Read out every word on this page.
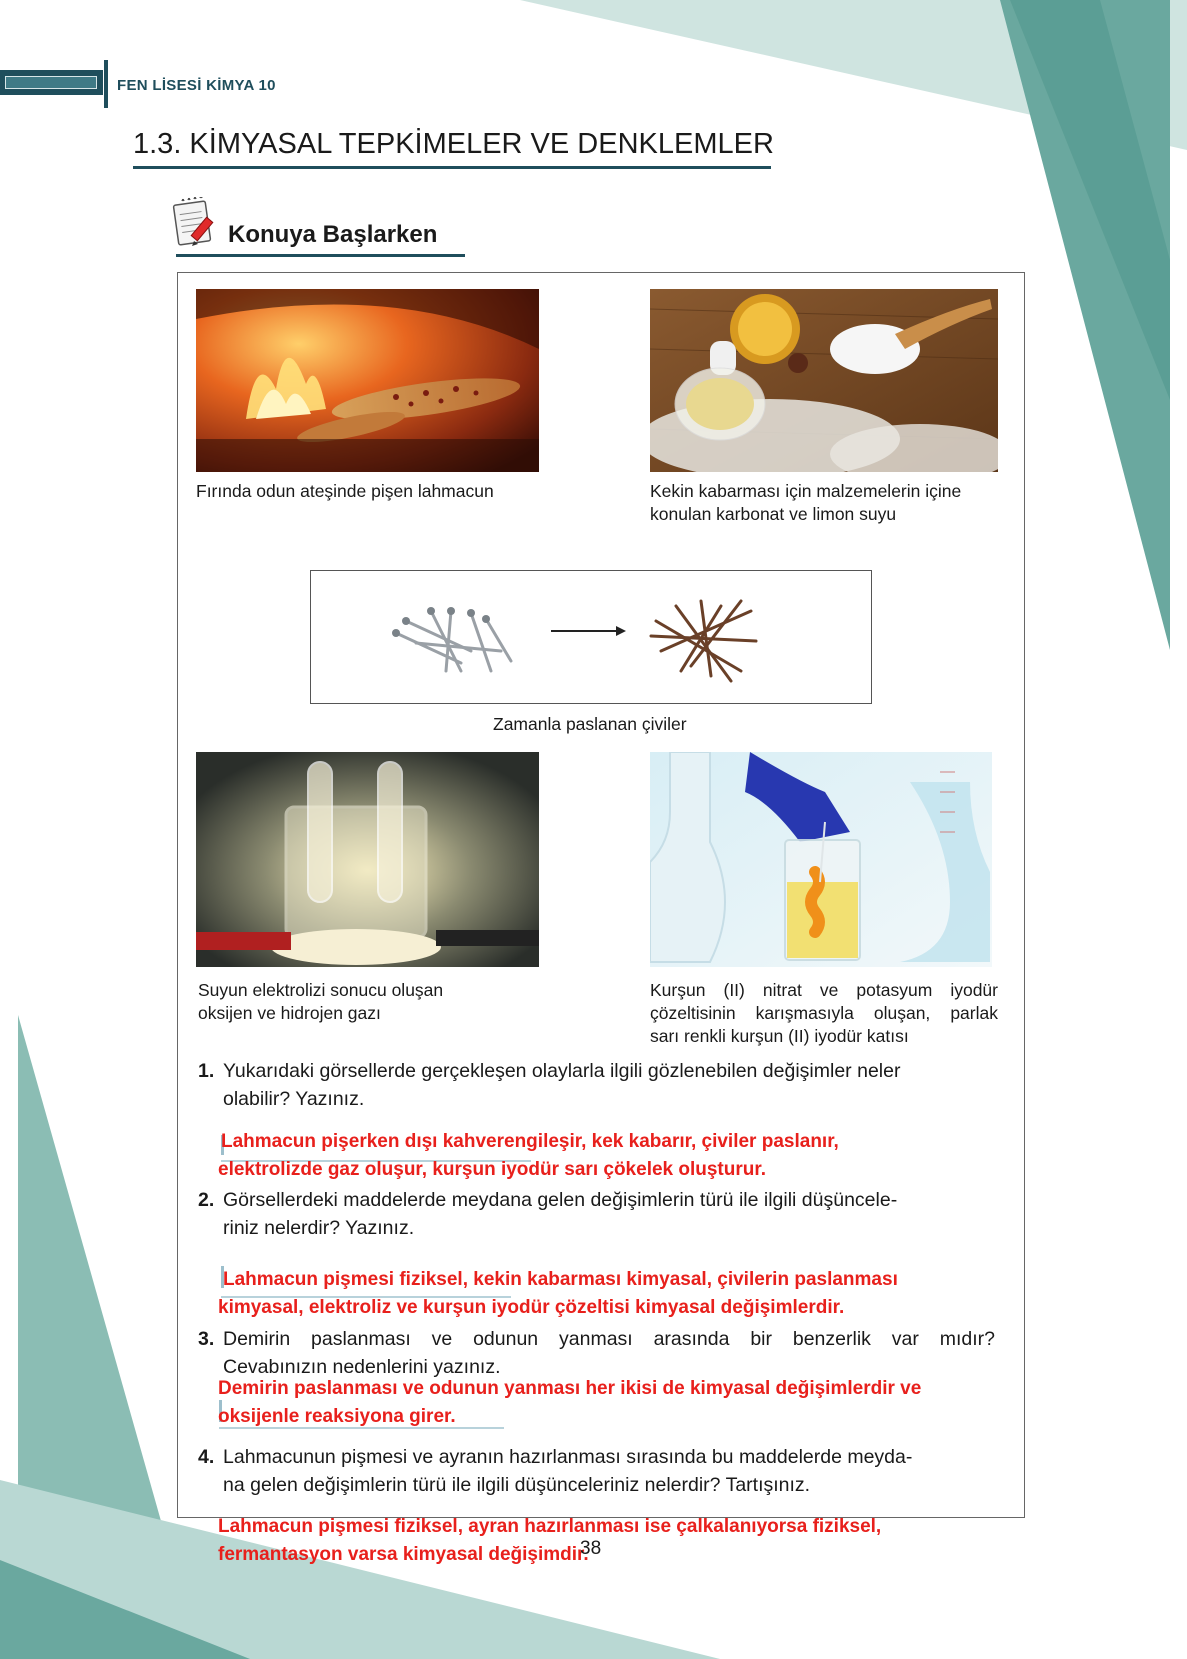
FEN LİSESİ KİMYA 10
1.3. KİMYASAL TEPKİMELER VE DENKLEMLER
Konuya Başlarken
Fırında odun ateşinde pişen lahmacun	Kekin kabarması için malzemelerin içine
konulan karbonat ve limon suyu
Zamanla paslanan çiviler
Suyun elektrolizi sonucu oluşan
oksijen ve hidrojen gazı
Kurşun (II) nitrat ve potasyum iyodür
çözeltisinin karışmasıyla oluşan, parlak
sarı renkli kurşun (II) iyodür katısı
1. Yukarıdaki görsellerde gerçekleşen olaylarla ilgili gözlenebilen değişimler neler
olabilir? Yazınız.
Lahmacun pişerken dışı kahverengileşir, kek kabarır, çiviler paslanır,
elektrolizde gaz oluşur, kurşun iyodür sarı çökelek oluşturur.
2. Görsellerdeki maddelerde meydana gelen değişimlerin türü ile ilgili düşüncele-
riniz nelerdir? Yazınız.
Lahmacun pişmesi fiziksel, kekin kabarması kimyasal, çivilerin paslanması
kimyasal, elektroliz ve kurşun iyodür çözeltisi kimyasal değişimlerdir.
3. Demirin paslanması ve odunun yanması arasında bir benzerlik var mıdır?
Cevabınızın nedenlerini yazınız.
Demirin paslanması ve odunun yanması her ikisi de kimyasal değişimlerdir ve
oksijenle reaksiyona girer.
4. Lahmacunun pişmesi ve ayranın hazırlanması sırasında bu maddelerde meyda-
na gelen değişimlerin türü ile ilgili düşünceleriniz nelerdir? Tartışınız.
Lahmacun pişmesi fiziksel, ayran hazırlanması ise çalkalanıyorsa fiziksel,
fermantasyon varsa kimyasal değişimdir.
38
